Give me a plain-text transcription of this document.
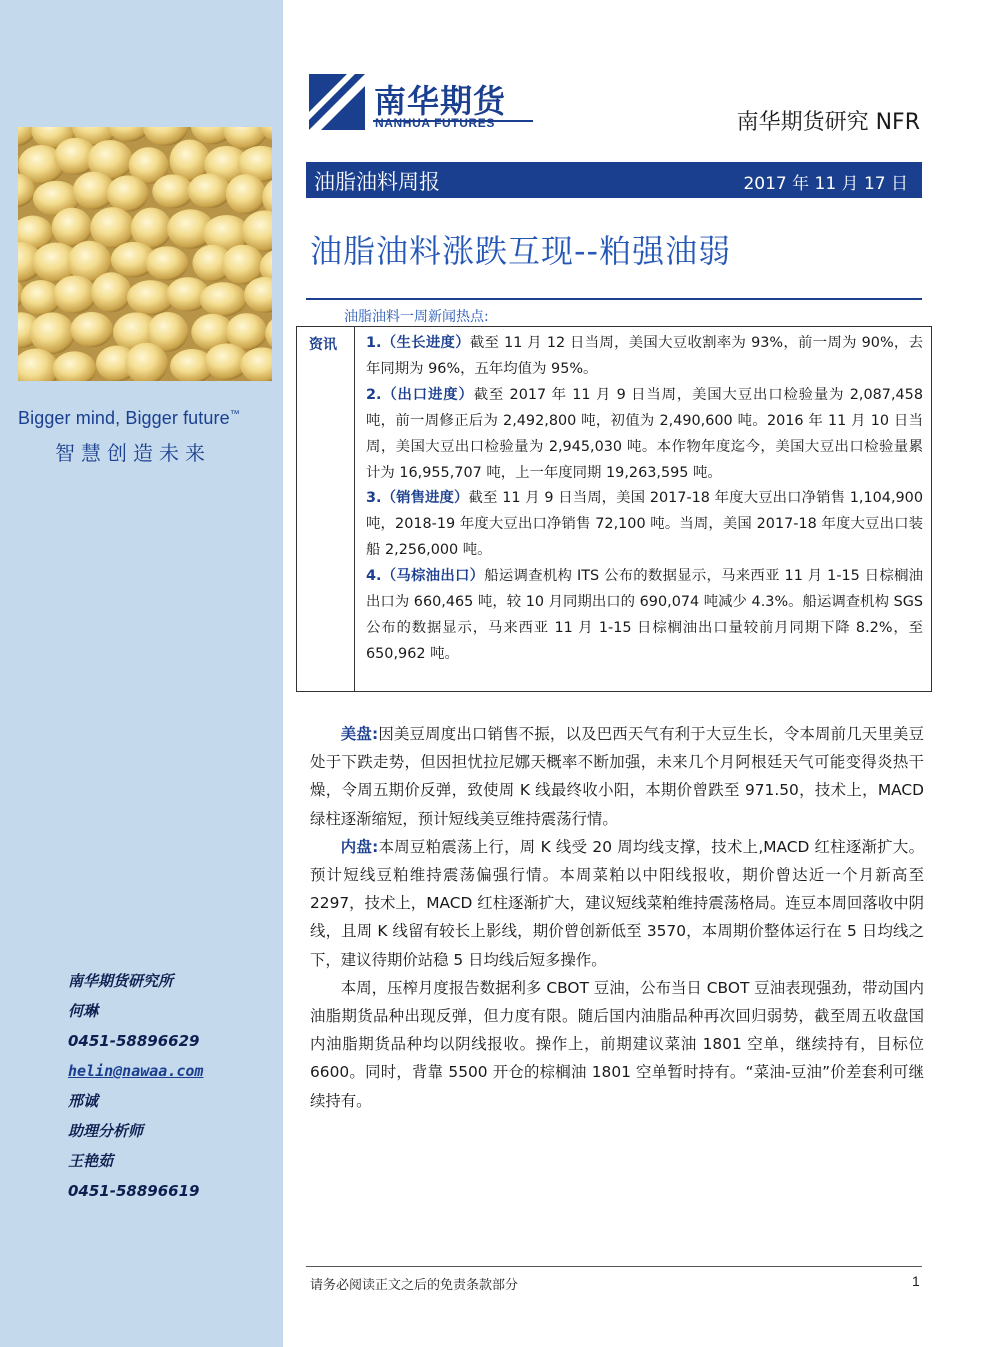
Bigger mind, Bigger future™
智慧创造未来
南华期货研究所
何琳
0451-58896629
helin@nawaa.com
邢诚
助理分析师
王艳茹
0451-58896619
南华期货
NANHUA FUTURES	南华期货研究 NFR
油脂油料周报	2017 年 11 月 17 日
油脂油料涨跌互现--粕强油弱
油脂油料一周新闻热点:
资讯 1.（生长进度）截至 11 月 12 日当周，美国大豆收割率为 93%，前一周为 90%，去年同期为 96%，五年均值为 95%。

2.（出口进度）截至 2017 年 11 月 9 日当周，美国大豆出口检验量为 2,087,458 吨，前一周修正后为 2,492,800 吨，初值为 2,490,600 吨。2016 年 11 月 10 日当周，美国大豆出口检验量为 2,945,030 吨。本作物年度迄今，美国大豆出口检验量累计为 16,955,707 吨，上一年度同期 19,263,595 吨。

3.（销售进度）截至 11 月 9 日当周，美国 2017-18 年度大豆出口净销售 1,104,900 吨，2018-19 年度大豆出口净销售 72,100 吨。当周，美国 2017-18 年度大豆出口装船 2,256,000 吨。

4.（马棕油出口）船运调查机构 ITS 公布的数据显示，马来西亚 11 月 1-15 日棕榈油出口为 660,465 吨，较 10 月同期出口的 690,074 吨减少 4.3%。船运调查机构 SGS 公布的数据显示，马来西亚 11 月 1-15 日棕榈油出口量较前月同期下降 8.2%，至 650,962 吨。

美盘:因美豆周度出口销售不振，以及巴西天气有利于大豆生长，令本周前几天里美豆处于下跌走势，但因担忧拉尼娜天概率不断加强，未来几个月阿根廷天气可能变得炎热干燥，令周五期价反弹，致使周 K 线最终收小阳，本期价曾跌至 971.50，技术上，MACD 绿柱逐渐缩短，预计短线美豆维持震荡行情。

内盘:本周豆粕震荡上行，周 K 线受 20 周均线支撑，技术上,MACD 红柱逐渐扩大。预计短线豆粕维持震荡偏强行情。本周菜粕以中阳线报收，期价曾达近一个月新高至 2297，技术上，MACD 红柱逐渐扩大，建议短线菜粕维持震荡格局。连豆本周回落收中阴线，且周 K 线留有较长上影线，期价曾创新低至 3570，本周期价整体运行在 5 日均线之下，建议待期价站稳 5 日均线后短多操作。

本周，压榨月度报告数据利多 CBOT 豆油，公布当日 CBOT 豆油表现强劲，带动国内油脂期货品种出现反弹，但力度有限。随后国内油脂品种再次回归弱势，截至周五收盘国内油脂期货品种均以阴线报收。操作上，前期建议菜油 1801 空单，继续持有，目标位 6600。同时，背靠 5500 开仓的棕榈油 1801 空单暂时持有。“菜油-豆油”价差套利可继续持有。

请务必阅读正文之后的免责条款部分	1
